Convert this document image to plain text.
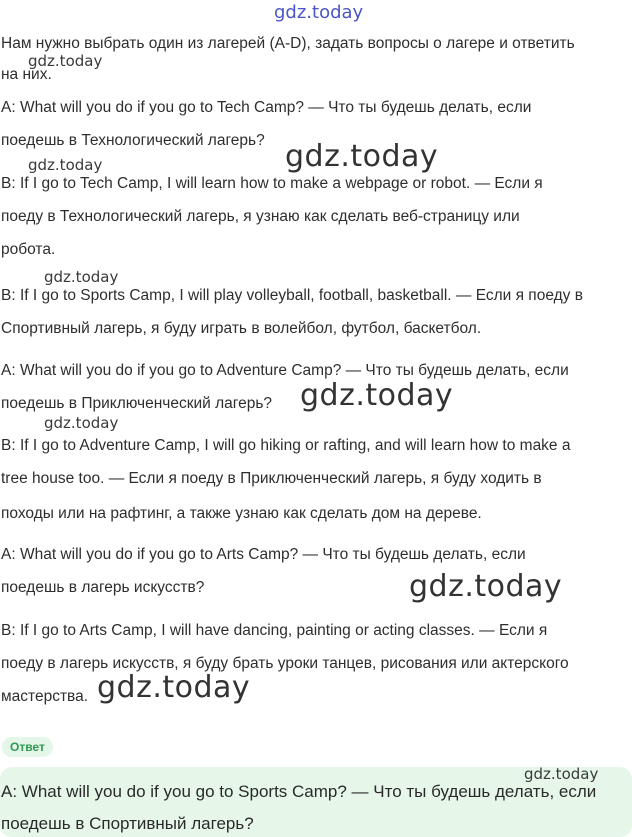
gdz.today

Нам нужно выбрать один из лагерей (A-D), задать вопросы о лагере и ответить

на них.

gdz.today

A: What will you do if you go to Tech Camp? — Что ты будешь делать, если

поедешь в Технологический лагерь? gdz.today
gdz.today

B: If I go to Tech Camp, I will learn how to make a webpage or robot. — Если я

поеду в Технологический лагерь, я узнаю как сделать веб-страницу или

робота.

gdz.today

B: If I go to Sports Camp, I will play volleyball, football, basketball. — Если я поеду в

Спортивный лагерь, я буду играть в волейбол, футбол, баскетбол.

A: What will you do if you go to Adventure Camp? — Что ты будешь делать, если

поедешь в Приключенческий лагерь? gdz.today
gdz.today

B: If I go to Adventure Camp, I will go hiking or rafting, and will learn how to make a

tree house too. — Если я поеду в Приключенческий лагерь, я буду ходить в

походы или на рафтинг, а также узнаю как сделать дом на дереве.

A: What will you do if you go to Arts Camp? — Что ты будешь делать, если

поедешь в лагерь искусств?	gdz.today

B: If I go to Arts Camp, I will have dancing, painting or acting classes. — Если я

поеду в лагерь искусств, я буду брать уроки танцев, рисования или актерского

мастерства. gdz.today
Ответ
gdz.today
A: What will you do if you go to Sports Camp? — Что ты будешь делать, если
поедешь в Спортивный лагерь?
